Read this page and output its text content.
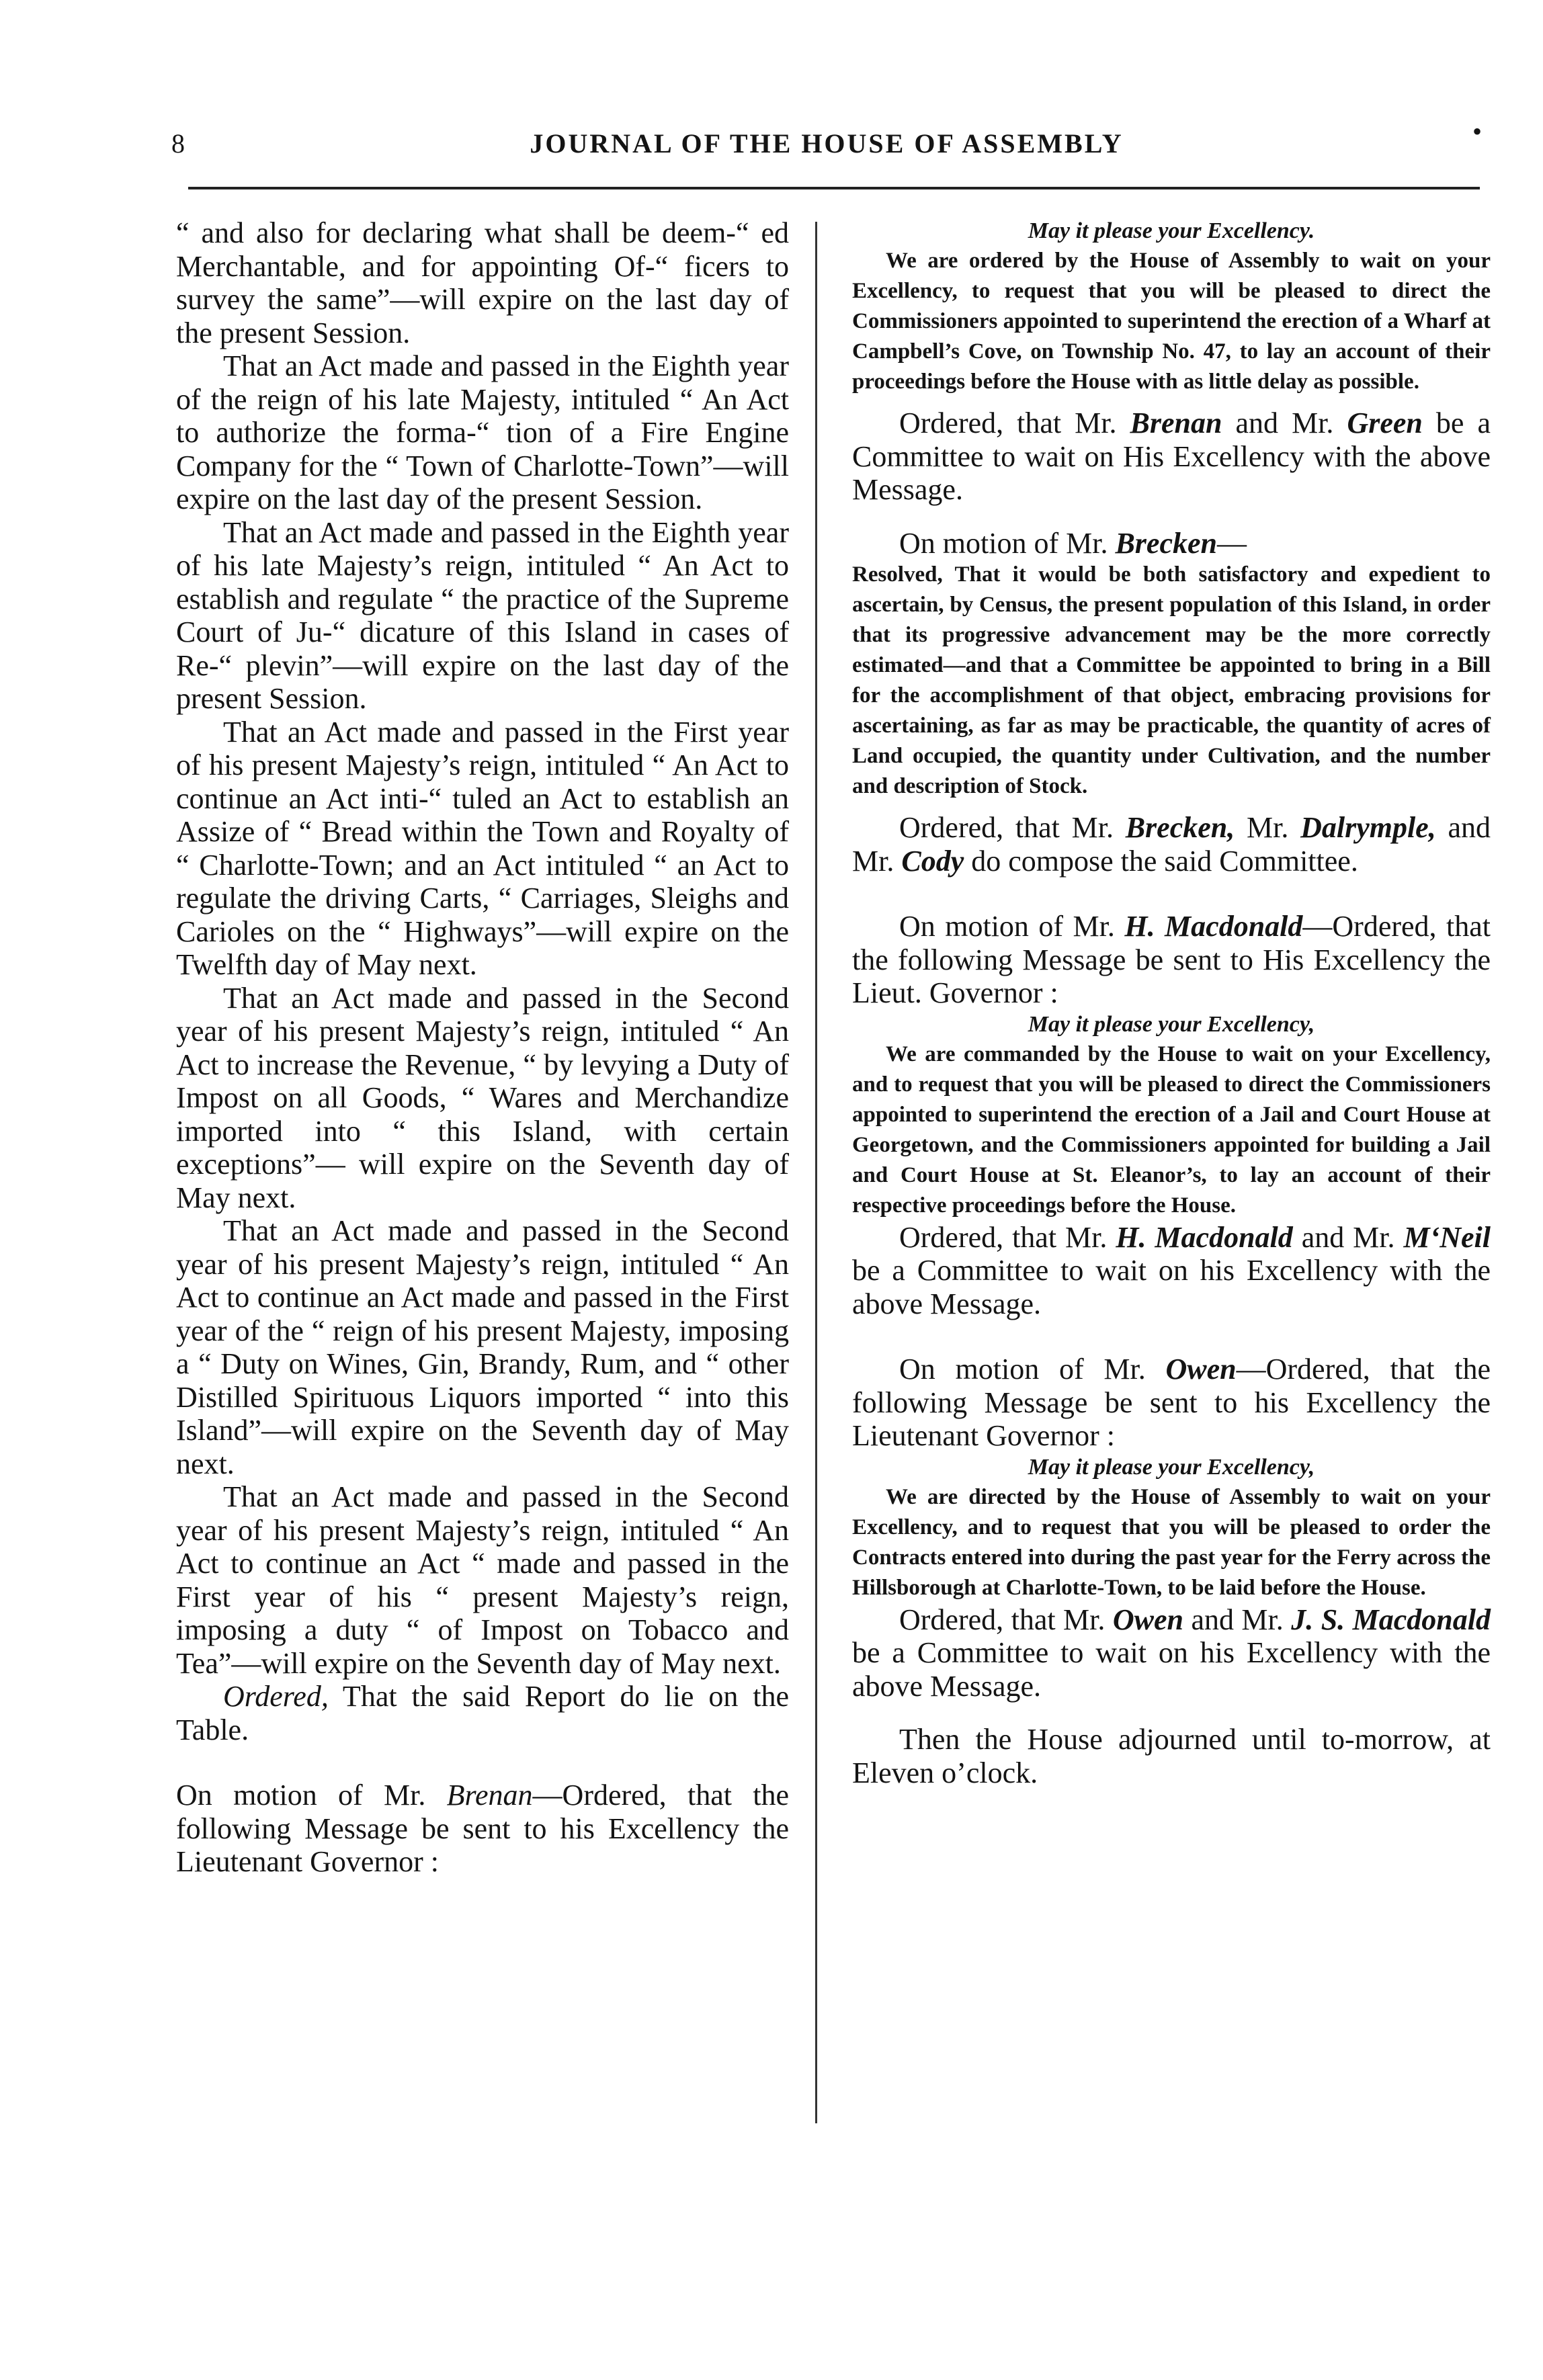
8	JOURNAL OF THE HOUSE OF ASSEMBLY	•

“ and also for declaring what shall be deem-“ ed Merchantable, and for appointing Of-“ ficers to survey the same”—will expire on the last day of the present Session.

That an Act made and passed in the Eighth year of the reign of his late Majesty, intituled “ An Act to authorize the forma-“ tion of a Fire Engine Company for the “ Town of Charlotte-Town”—will expire on the last day of the present Session.

That an Act made and passed in the Eighth year of his late Majesty’s reign, intituled “ An Act to establish and regulate “ the practice of the Supreme Court of Ju-“ dicature of this Island in cases of Re-“ plevin”—will expire on the last day of the present Session.

That an Act made and passed in the First year of his present Majesty’s reign, intituled “ An Act to continue an Act inti-“ tuled an Act to establish an Assize of “ Bread within the Town and Royalty of “ Charlotte-Town; and an Act intituled “ an Act to regulate the driving Carts, “ Carriages, Sleighs and Carioles on the “ Highways”—will expire on the Twelfth day of May next.

That an Act made and passed in the Second year of his present Majesty’s reign, intituled “ An Act to increase the Revenue, “ by levying a Duty of Impost on all Goods, “ Wares and Merchandize imported into “ this Island, with certain exceptions”— will expire on the Seventh day of May next.

That an Act made and passed in the Second year of his present Majesty’s reign, intituled “ An Act to continue an Act made and passed in the First year of the “ reign of his present Majesty, imposing a “ Duty on Wines, Gin, Brandy, Rum, and “ other Distilled Spirituous Liquors imported “ into this Island”—will expire on the Seventh day of May next.

That an Act made and passed in the Second year of his present Majesty’s reign, intituled “ An Act to continue an Act “ made and passed in the First year of his “ present Majesty’s reign, imposing a duty “ of Impost on Tobacco and Tea”—will expire on the Seventh day of May next.

Ordered, That the said Report do lie on the Table.

On motion of Mr. Brenan—Ordered, that the following Message be sent to his Excellency the Lieutenant Governor :

May it please your Excellency.

We are ordered by the House of Assembly to wait on your Excellency, to request that you will be pleased to direct the Commissioners appointed to superintend the erection of a Wharf at Campbell’s Cove, on Township No. 47, to lay an account of their proceedings before the House with as little delay as possible.

Ordered, that Mr. Brenan and Mr. Green be a Committee to wait on His Excellency with the above Message.

On motion of Mr. Brecken—

Resolved, That it would be both satisfactory and expedient to ascertain, by Census, the present population of this Island, in order that its progressive advancement may be the more correctly estimated—and that a Committee be appointed to bring in a Bill for the accomplishment of that object, embracing provisions for ascertaining, as far as may be practicable, the quantity of acres of Land occupied, the quantity under Cultivation, and the number and description of Stock.

Ordered, that Mr. Brecken, Mr. Dalrymple, and Mr. Cody do compose the said Committee.

On motion of Mr. H. Macdonald—Ordered, that the following Message be sent to His Excellency the Lieut. Governor :

May it please your Excellency,

We are commanded by the House to wait on your Excellency, and to request that you will be pleased to direct the Commissioners appointed to superintend the erection of a Jail and Court House at Georgetown, and the Commissioners appointed for building a Jail and Court House at St. Eleanor’s, to lay an account of their respective proceedings before the House.

Ordered, that Mr. H. Macdonald and Mr. M‘Neil be a Committee to wait on his Excellency with the above Message.

On motion of Mr. Owen—Ordered, that the following Message be sent to his Excellency the Lieutenant Governor :

May it please your Excellency,

We are directed by the House of Assembly to wait on your Excellency, and to request that you will be pleased to order the Contracts entered into during the past year for the Ferry across the Hillsborough at Charlotte-Town, to be laid before the House.

Ordered, that Mr. Owen and Mr. J. S. Macdonald be a Committee to wait on his Excellency with the above Message.

Then the House adjourned until to-morrow, at Eleven o’clock.
